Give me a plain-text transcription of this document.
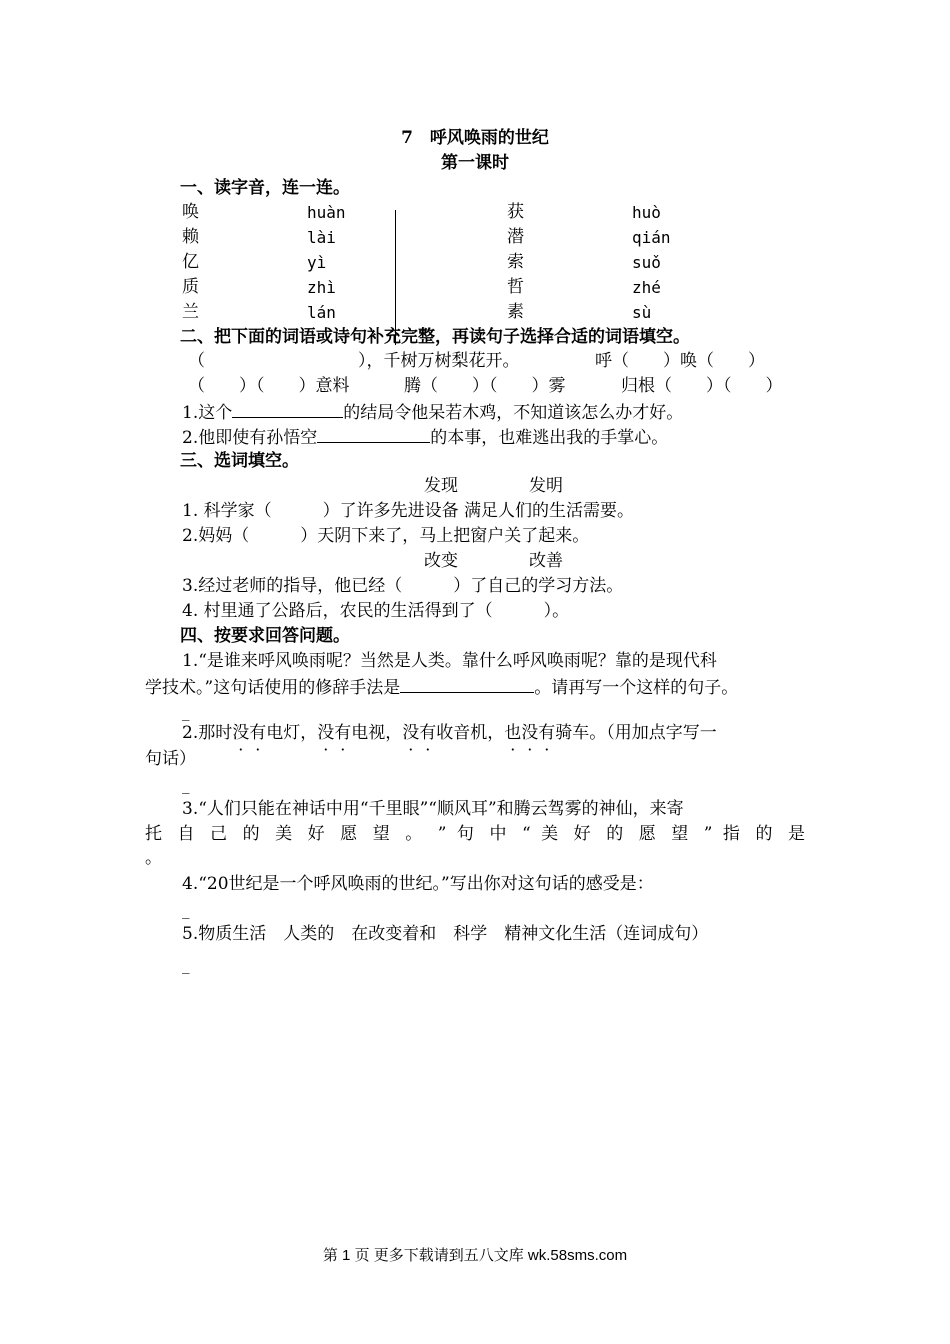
7　呼风唤雨的世纪
第一课时
一、读字音，连一连。
唤	huàn	获	huò
赖	lài	潜	qián
亿	yì	索	suǒ
质	zhì	哲	zhé
兰	lán	素	sù
二、把下面的词语或诗句补充完整，再读句子选择合适的词语填空。
（　　　　　　　　　），千树万树梨花开。	呼（　　）唤（　　）
（　　）（　　）意料	腾（　　）（　　）雾	归根（　　）（　　）
1.这个	的结局令他呆若木鸡，不知道该怎么办才好。
2.他即使有孙悟空	的本事，也难逃出我的手掌心。
三、选词填空。
发现	发明
1. 科学家（　　　）了许多先进设备 满足人们的生活需要。
2.妈妈（　　　）天阴下来了，马上把窗户关了起来。
改变	改善
3.经过老师的指导，他已经（　　　）了自己的学习方法。
4. 村里通了公路后，农民的生活得到了（　　　）。
四、按要求回答问题。
1.“是谁来呼风唤雨呢？当然是人类。靠什么呼风唤雨呢？靠的是现代科
学技术。”这句话使用的修辞手法是	。请再写一个这样的句子。
_
2.那时没有电灯，没有电视，没有收音机，也没有骑车。（用加点字写一
句话）
_
3.“人们只能在神话中用“千里眼”“顺风耳”和腾云驾雾的神仙，来寄
托 自 己 的 美 好 愿 望 。 ” 句 中 “ 美 好 的 愿 望 ” 指 的 是
。
4.“20世纪是一个呼风唤雨的世纪。”写出你对这句话的感受是：
_
5.物质生活　人类的　在改变着和　科学　精神文化生活（连词成句）
_
第 1 页 更多下载请到五八文库 wk.58sms.com
